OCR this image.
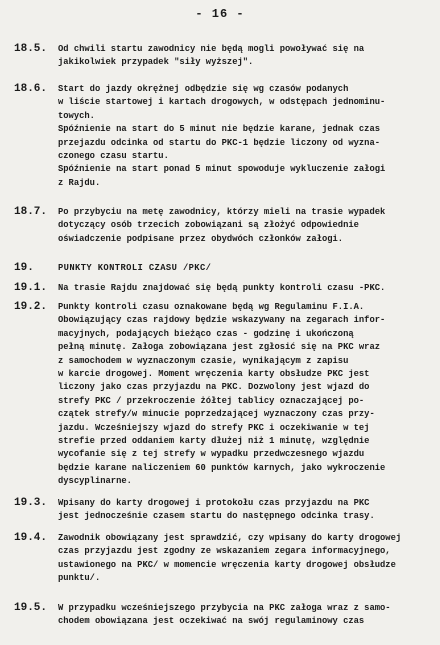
- 16 -
18.5. Od chwili startu zawodnicy nie będą mogli powoływać się na
jakikolwiek przypadek "siły wyższej".
18.6. Start do jazdy okrężnej odbędzie się wg czasów podanych
w liście startowej i kartach drogowych, w odstępach jednominu-
towych.
Spóźnienie na start do 5 minut nie będzie karane, jednak czas
przejazdu odcinka od startu do PKC-1 będzie liczony od wyzna-
czonego czasu startu.
Spóźnienie na start ponad 5 minut spowoduje wykluczenie załogi
z Rajdu.
18.7. Po przybyciu na metę zawodnicy, którzy mieli na trasie wypadek
dotyczący osób trzecich zobowiązani są złożyć odpowiednie
oświadczenie podpisane przez obydwóch członków załogi.
19.	PUNKTY KONTROLI CZASU /PKC/
19.1. Na trasie Rajdu znajdować się będą punkty kontroli czasu -PKC.
19.2. Punkty kontroli czasu oznakowane będą wg Regulaminu F.I.A.
Obowiązujący czas rajdowy będzie wskazywany na zegarach infor-
macyjnych, podających bieżąco czas - godzinę i ukończoną
pełną minutę. Załoga zobowiązana jest zgłosić się na PKC wraz
z samochodem w wyznaczonym czasie, wynikającym z zapisu
w karcie drogowej. Moment wręczenia karty obsłudze PKC jest
liczony jako czas przyjazdu na PKC. Dozwolony jest wjazd do
strefy PKC / przekroczenie żółtej tablicy oznaczającej po-
czątek strefy/w minucie poprzedzającej wyznaczony czas przy-
jazdu. Wcześniejszy wjazd do strefy PKC i oczekiwanie w tej
strefie przed oddaniem karty dłużej niż 1 minutę, względnie
wycofanie się z tej strefy w wypadku przedwczesnego wjazdu
będzie karane naliczeniem 60 punktów karnych, jako wykroczenie
dyscyplinarne.
19.3. Wpisany do karty drogowej i protokołu czas przyjazdu na PKC
jest jednocześnie czasem startu do następnego odcinka trasy.
19.4. Zawodnik obowiązany jest sprawdzić, czy wpisany do karty drogowej
czas przyjazdu jest zgodny ze wskazaniem zegara informacyjnego,
ustawionego na PKC/ w momencie wręczenia karty drogowej obsłudze
punktu/.
19.5. W przypadku wcześniejszego przybycia na PKC załoga wraz z samo-
chodem obowiązana jest oczekiwać na swój regulaminowy czas
